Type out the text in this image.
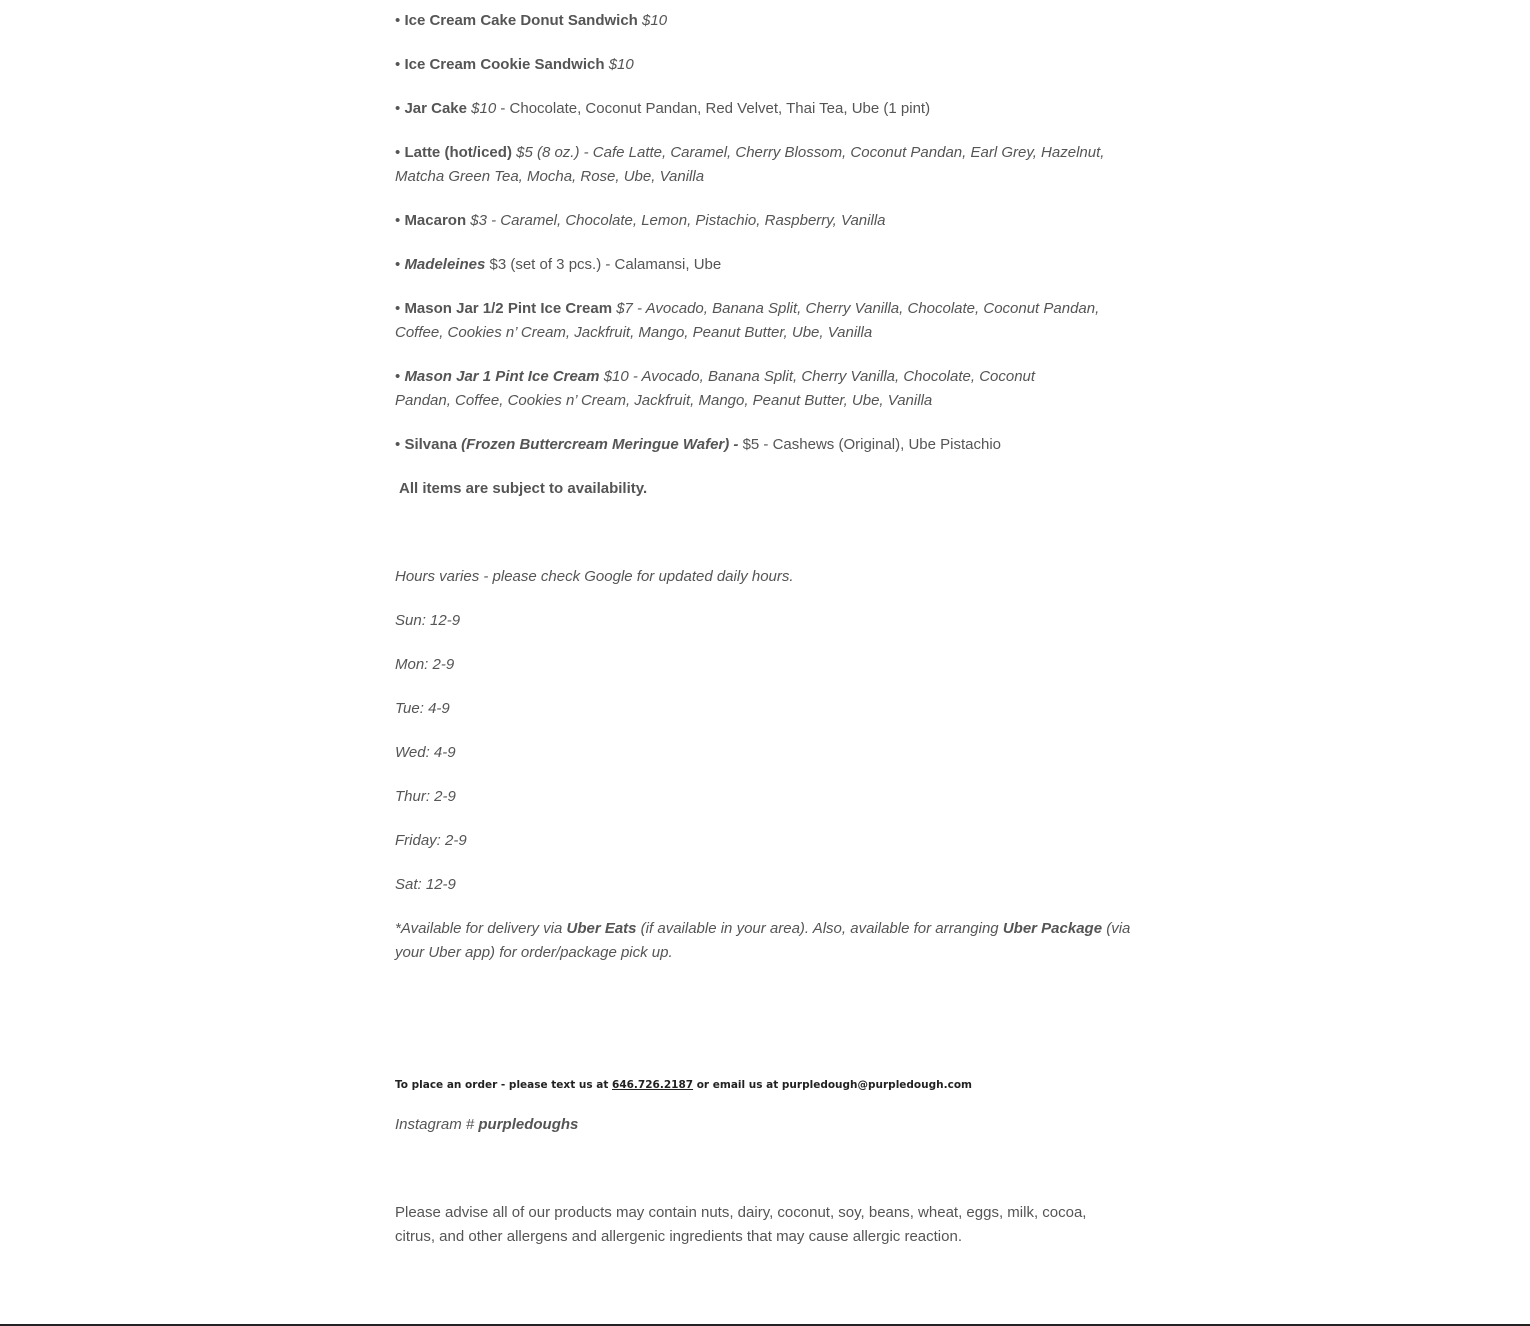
• Ice Cream Cake Donut Sandwich $10

• Ice Cream Cookie Sandwich $10

• Jar Cake $10 - Chocolate, Coconut Pandan, Red Velvet, Thai Tea, Ube (1 pint)

• Latte (hot/iced) $5 (8 oz.) - Cafe Latte, Caramel, Cherry Blossom, Coconut Pandan, Earl Grey, Hazelnut, Matcha Green Tea, Mocha, Rose, Ube, Vanilla

• Macaron $3 - Caramel, Chocolate, Lemon, Pistachio, Raspberry, Vanilla

• Madeleines $3 (set of 3 pcs.) - Calamansi, Ube

• Mason Jar 1/2 Pint Ice Cream $7 - Avocado, Banana Split, Cherry Vanilla, Chocolate, Coconut Pandan, Coffee, Cookies n’ Cream, Jackfruit, Mango, Peanut Butter, Ube, Vanilla

• Mason Jar 1 Pint Ice Cream $10 - Avocado, Banana Split, Cherry Vanilla, Chocolate, Coconut
Pandan, Coffee, Cookies n’ Cream, Jackfruit, Mango, Peanut Butter, Ube, Vanilla

• Silvana (Frozen Buttercream Meringue Wafer) - $5 - Cashews (Original), Ube Pistachio

All items are subject to availability.

Hours varies - please check Google for updated daily hours.

Sun: 12-9

Mon: 2-9

Tue: 4-9

Wed: 4-9

Thur: 2-9

Friday: 2-9

Sat: 12-9

*Available for delivery via Uber Eats (if available in your area). Also, available for arranging Uber Package (via your Uber app) for order/package pick up.

To place an order - please text us at 646.726.2187 or email us at purpledough@purpledough.com

Instagram # purpledoughs

Please advise all of our products may contain nuts, dairy, coconut, soy, beans, wheat, eggs, milk, cocoa, citrus, and other allergens and allergenic ingredients that may cause allergic reaction.
